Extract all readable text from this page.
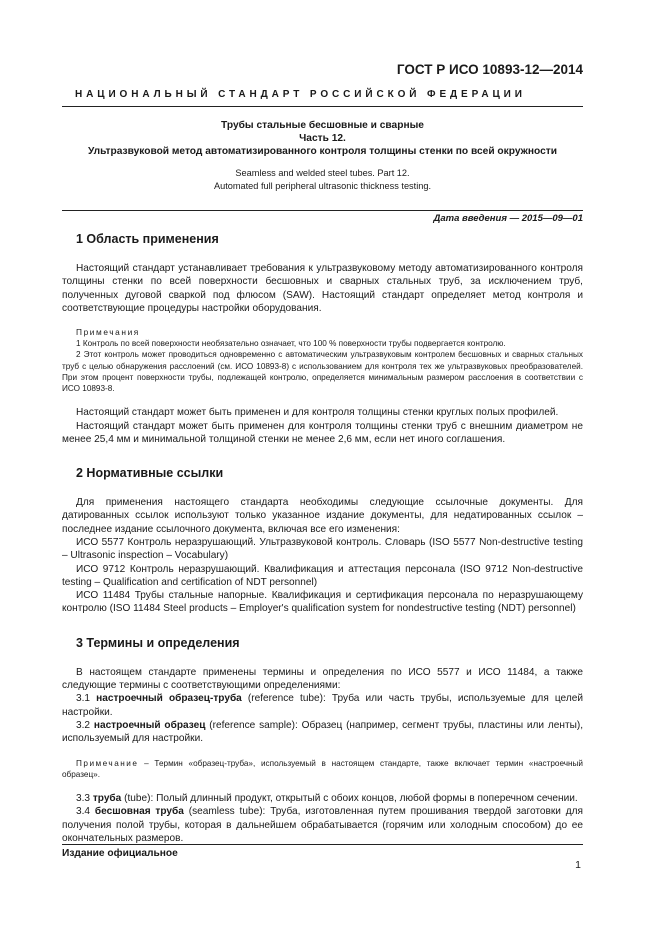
ГОСТ Р ИСО 10893-12—2014
НАЦИОНАЛЬНЫЙ СТАНДАРТ РОССИЙСКОЙ ФЕДЕРАЦИИ
Трубы стальные бесшовные и сварные
Часть 12.
Ультразвуковой метод автоматизированного контроля толщины стенки по всей окружности
Seamless and welded steel tubes. Part 12.
Automated full peripheral ultrasonic thickness testing.
Дата введения — 2015—09—01
1 Область применения

Настоящий стандарт устанавливает требования к ультразвуковому методу автоматизированного контроля толщины стенки по всей поверхности бесшовных и сварных стальных труб, за исключением труб, полученных дуговой сваркой под флюсом (SAW). Настоящий стандарт определяет метод контроля и соответствующие процедуры настройки оборудования.

Примечания

1 Контроль по всей поверхности необязательно означает, что 100 % поверхности трубы подвергается контролю.

2 Этот контроль может проводиться одновременно с автоматическим ультразвуковым контролем бесшовных и сварных стальных труб с целью обнаружения расслоений (см. ИСО 10893-8) с использованием для контроля тех же ультразвуковых преобразователей. При этом процент поверхности трубы, подлежащей контролю, определяется минимальным размером расслоения в соответствии с ИСО 10893-8.

Настоящий стандарт может быть применен и для контроля толщины стенки круглых полых профилей.

Настоящий стандарт может быть применен для контроля толщины стенки труб с внешним диаметром не менее 25,4 мм и минимальной толщиной стенки не менее 2,6 мм, если нет иного соглашения.

2 Нормативные ссылки

Для применения настоящего стандарта необходимы следующие ссылочные документы. Для датированных ссылок используют только указанное издание документы, для недатированных ссылок – последнее издание ссылочного документа, включая все его изменения:

ИСО 5577 Контроль неразрушающий. Ультразвуковой контроль. Словарь (ISO 5577 Non-destructive testing – Ultrasonic inspection – Vocabulary)

ИСО 9712 Контроль неразрушающий. Квалификация и аттестация персонала (ISO 9712 Non-destructive testing – Qualification and certification of NDT personnel)

ИСО 11484 Трубы стальные напорные. Квалификация и сертификация персонала по неразрушающему контролю (ISO 11484 Steel products – Employer's qualification system for nondestructive testing (NDT) personnel)

3 Термины и определения

В настоящем стандарте применены термины и определения по ИСО 5577 и ИСО 11484, а также следующие термины с соответствующими определениями:

3.1 настроечный образец-труба (reference tube): Труба или часть трубы, используемые для целей настройки.

3.2 настроечный образец (reference sample): Образец (например, сегмент трубы, пластины или ленты), используемый для настройки.

Примечание – Термин «образец-труба», используемый в настоящем стандарте, также включает термин «настроечный образец».

3.3 труба (tube): Полый длинный продукт, открытый с обоих концов, любой формы в поперечном сечении.

3.4 бесшовная труба (seamless tube): Труба, изготовленная путем прошивания твердой заготовки для получения полой трубы, которая в дальнейшем обрабатывается (горячим или холодным способом) до ее окончательных размеров.

Издание официальное
1
